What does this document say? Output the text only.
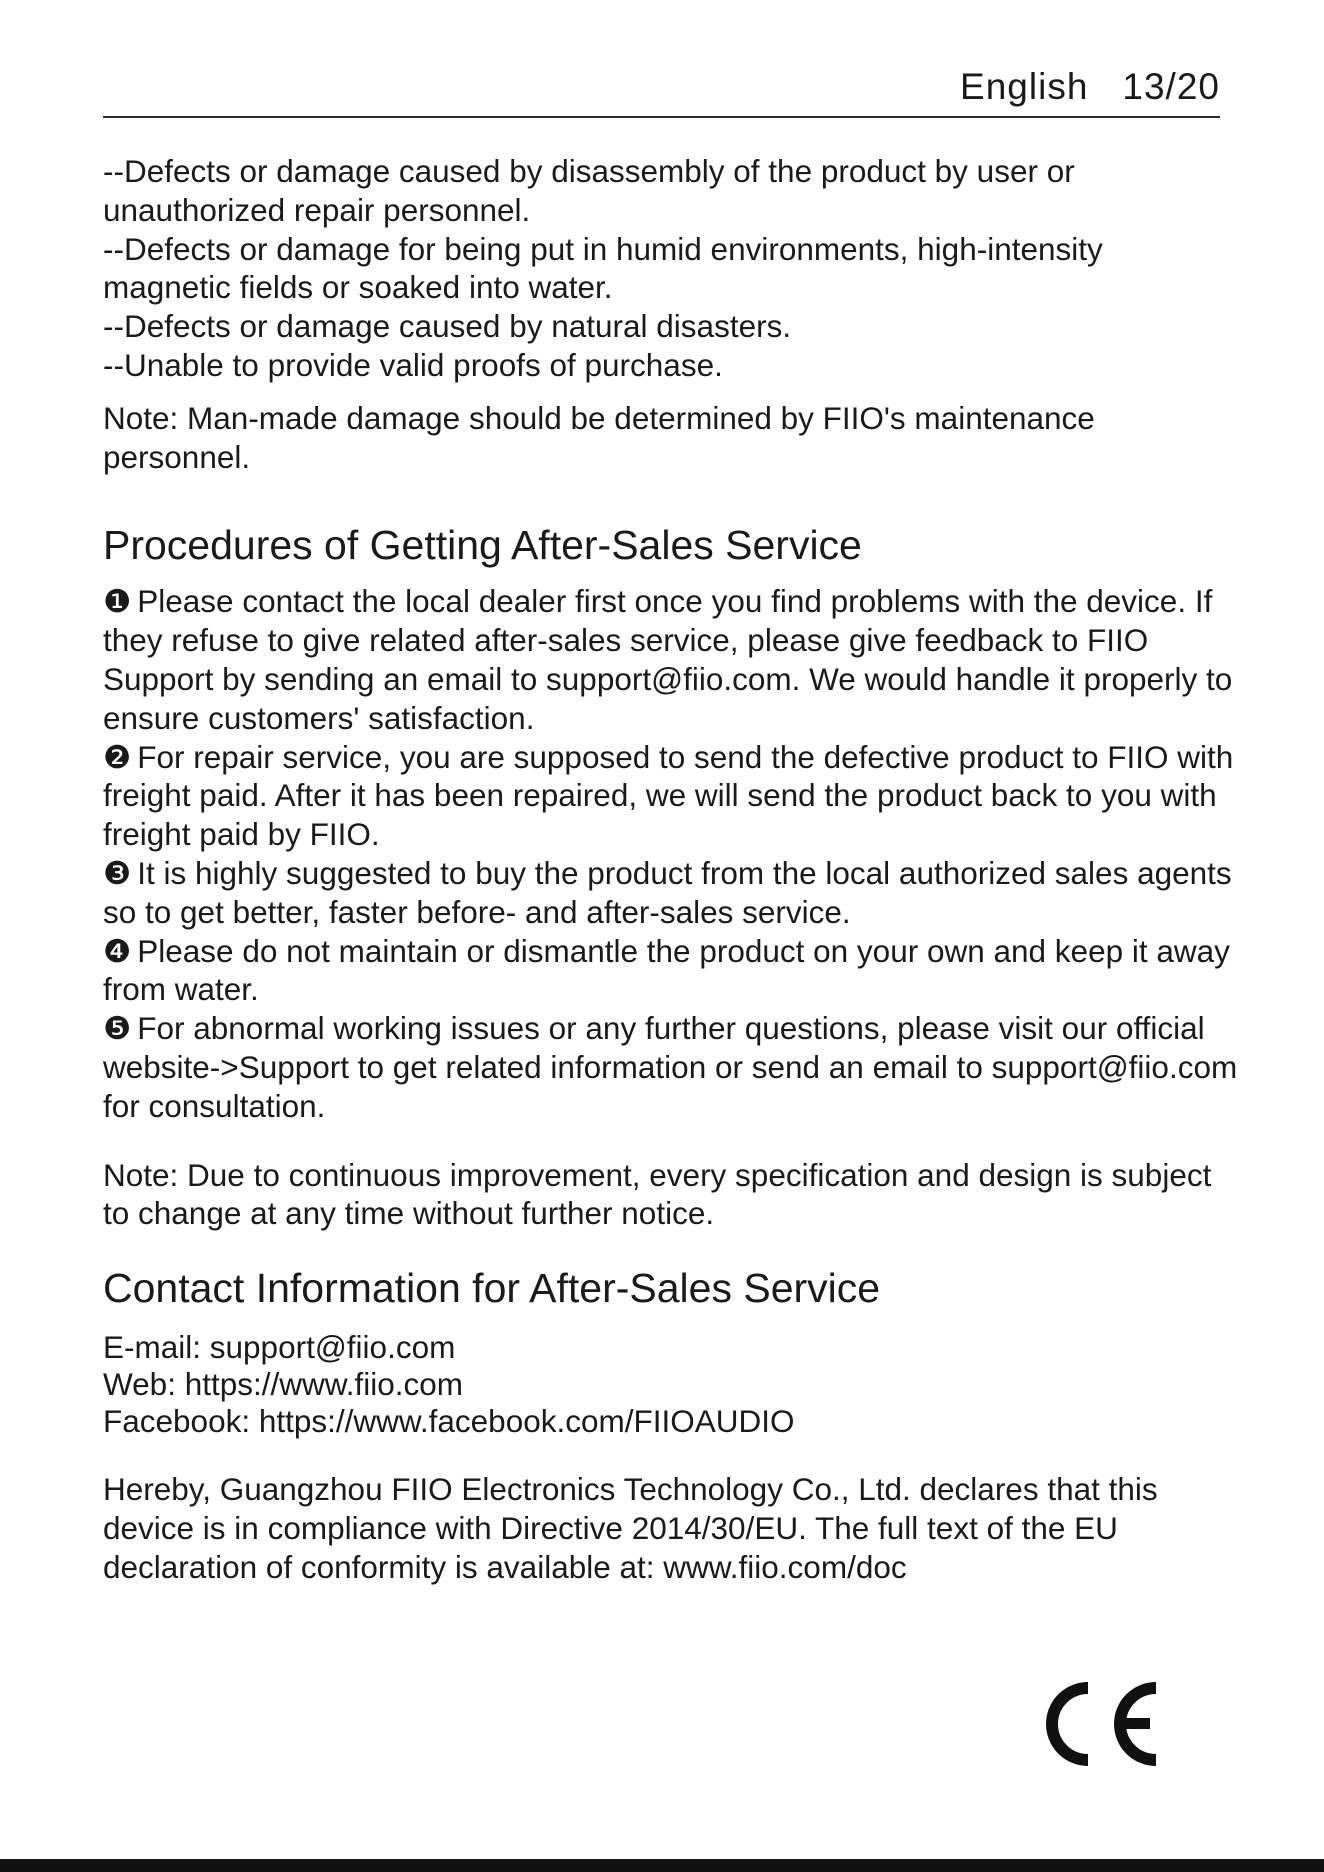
English 13/20

--Defects or damage caused by disassembly of the product by user or unauthorized repair personnel.

--Defects or damage for being put in humid environments, high-intensity magnetic fields or soaked into water.

--Defects or damage caused by natural disasters.

--Unable to provide valid proofs of purchase.

Note: Man-made damage should be determined by FIIO's maintenance personnel.

Procedures of Getting After-Sales Service

❶ Please contact the local dealer first once you find problems with the device. If they refuse to give related after-sales service, please give feedback to FIIO Support by sending an email to support@fiio.com. We would handle it properly to ensure customers' satisfaction.

❷ For repair service, you are supposed to send the defective product to FIIO with freight paid. After it has been repaired, we will send the product back to you with freight paid by FIIO.

❸ It is highly suggested to buy the product from the local authorized sales agents so to get better, faster before- and after-sales service.

❹ Please do not maintain or dismantle the product on your own and keep it away from water.

❺ For abnormal working issues or any further questions, please visit our official website->Support to get related information or send an email to support@fiio.com for consultation.

Note: Due to continuous improvement, every specification and design is subject to change at any time without further notice.

Contact Information for After-Sales Service

E-mail: support@fiio.com

Web: https://www.fiio.com

Facebook: https://www.facebook.com/FIIOAUDIO

Hereby, Guangzhou FIIO Electronics Technology Co., Ltd. declares that this device is in compliance with Directive 2014/30/EU. The full text of the EU declaration of conformity is available at: www.fiio.com/doc
